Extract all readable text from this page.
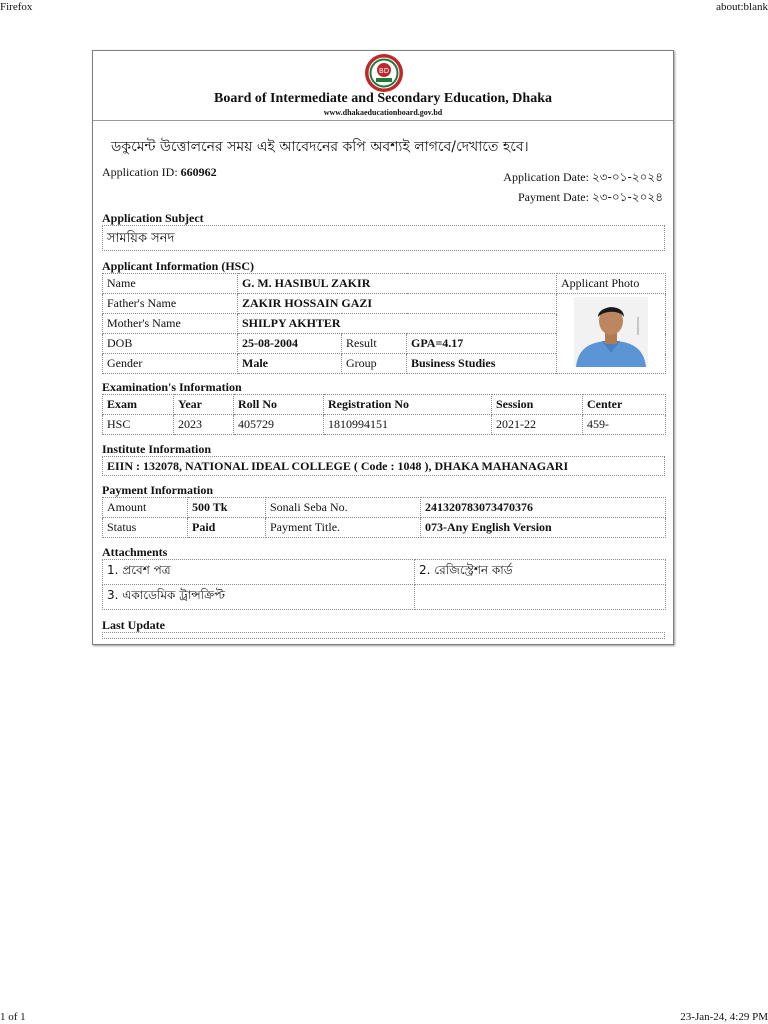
Firefox	about:blank
BD
Board of Intermediate and Secondary Education, Dhaka
www.dhakaeducationboard.gov.bd
ডকুমেন্ট উত্তোলনের সময় এই আবেদনের কপি অবশ্যই লাগবে/দেখাতে হবে।
Application ID: 660962	Application Date: ২৩-০১-২০২৪
Payment Date: ২৩-০১-২০২৪
Application Subject
সাময়িক সনদ
Applicant Information (HSC)
Name	G. M. HASIBUL ZAKIR			Applicant Photo
Father's Name	ZAKIR HOSSAIN GAZI	
Mother's Name	SHILPY AKHTER			
DOB	25-08-2004	Result	GPA=4.17	
Gender	Male	Group	Business Studies	
Examination's Information
Exam	Year	Roll No	Registration No	Session	Center
HSC	2023	405729	1810994151	2021-22	459-
Institute Information
EIIN : 132078, NATIONAL IDEAL COLLEGE ( Code : 1048 ), DHAKA MAHANAGARI
Payment Information
Amount	500 Tk	Sonali Seba No.	241320783073470376
Status	Paid	Payment Title.	073-Any English Version
Attachments
1. প্রবেশ পত্র	2. রেজিস্ট্রেশন কার্ড
3. একাডেমিক ট্রান্সক্রিপ্ট	
Last Update
1 of 1	23-Jan-24, 4:29 PM
